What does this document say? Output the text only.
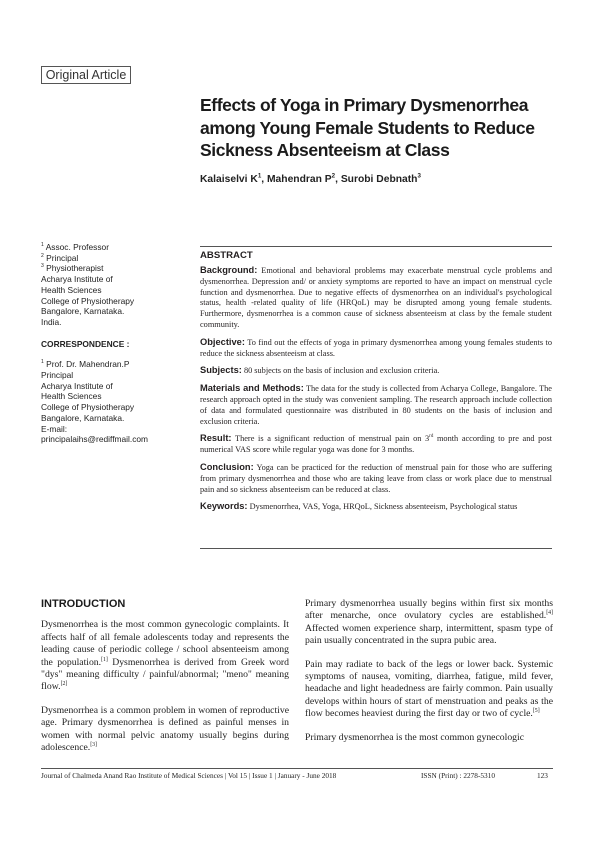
Original Article
Effects of Yoga in Primary Dysmenorrhea among Young Female Students to Reduce Sickness Absenteeism at Class
Kalaiselvi $K^1$, Mahendran $P^2$, Surobi Debnath$^3$
$^1$ Assoc. Professor
$^2$ Principal
$^3$ Physiotherapist
Acharya Institute of
Health Sciences
College of Physiotherapy
Bangalore, Karnataka.
India.
CORRESPONDENCE :
$^1$ Prof. Dr. Mahendran.P
Principal
Acharya Institute of
Health Sciences
College of Physiotherapy
Bangalore, Karnataka.
E-mail:
principalaihs@rediffmail.com
ABSTRACT

Background: Emotional and behavioral problems may exacerbate menstrual cycle problems and dysmenorrhea. Depression and/ or anxiety symptoms are reported to have an impact on menstrual cycle function and dysmenorrhea. Due to negative effects of dysmenorrhea on an individual's psychological status, health -related quality of life (HRQoL) may be disrupted among young female students. Furthermore, dysmenorrhea is a common cause of sickness absenteeism at class by the female student community.

Objective: To find out the effects of yoga in primary dysmenorrhea among young females students to reduce the sickness absenteeism at class.

Subjects: 80 subjects on the basis of inclusion and exclusion criteria.

Materials and Methods: The data for the study is collected from Acharya College, Bangalore. The research approach opted in the study was convenient sampling. The research approach include collection of data and formulated questionnaire was distributed in 80 students on the basis of inclusion and exclusion criteria.

Result: There is a significant reduction of menstrual pain on 3rd month according to pre and post numerical VAS score while regular yoga was done for 3 months.

Conclusion: Yoga can be practiced for the reduction of menstrual pain for those who are suffering from primary dysmenorrhea and those who are taking leave from class or work place due to menstrual pain and so sickness absenteeism can be reduced at class.

Keywords: Dysmenorrhea, VAS, Yoga, HRQoL, Sickness absenteeism, Psychological status

INTRODUCTION

Dysmenorrhea is the most common gynecologic complaints. It affects half of all female adolescents today and represents the leading cause of periodic college / school absenteeism among the population.[1] Dysmenorrhea is derived from Greek word "dys" meaning difficulty / painful/abnormal; "meno" meaning flow.[2]

Dysmenorrhea is a common problem in women of reproductive age. Primary dysmenorrhea is defined as painful menses in women with normal pelvic anatomy usually begins during adolescence.[3]

Primary dysmenorrhea usually begins within first six months after menarche, once ovulatory cycles are established.[4] Affected women experience sharp, intermittent, spasm type of pain usually concentrated in the supra pubic area.

Pain may radiate to back of the legs or lower back. Systemic symptoms of nausea, vomiting, diarrhea, fatigue, mild fever, headache and light headedness are fairly common. Pain usually develops within hours of start of menstruation and peaks as the flow becomes heaviest during the first day or two of cycle.[5]

Primary dysmenorrhea is the most common gynecologic

Journal of Chalmeda Anand Rao Institute of Medical Sciences | Vol 15 | Issue 1 | January - June 2018	ISSN (Print) : 2278-5310	123
